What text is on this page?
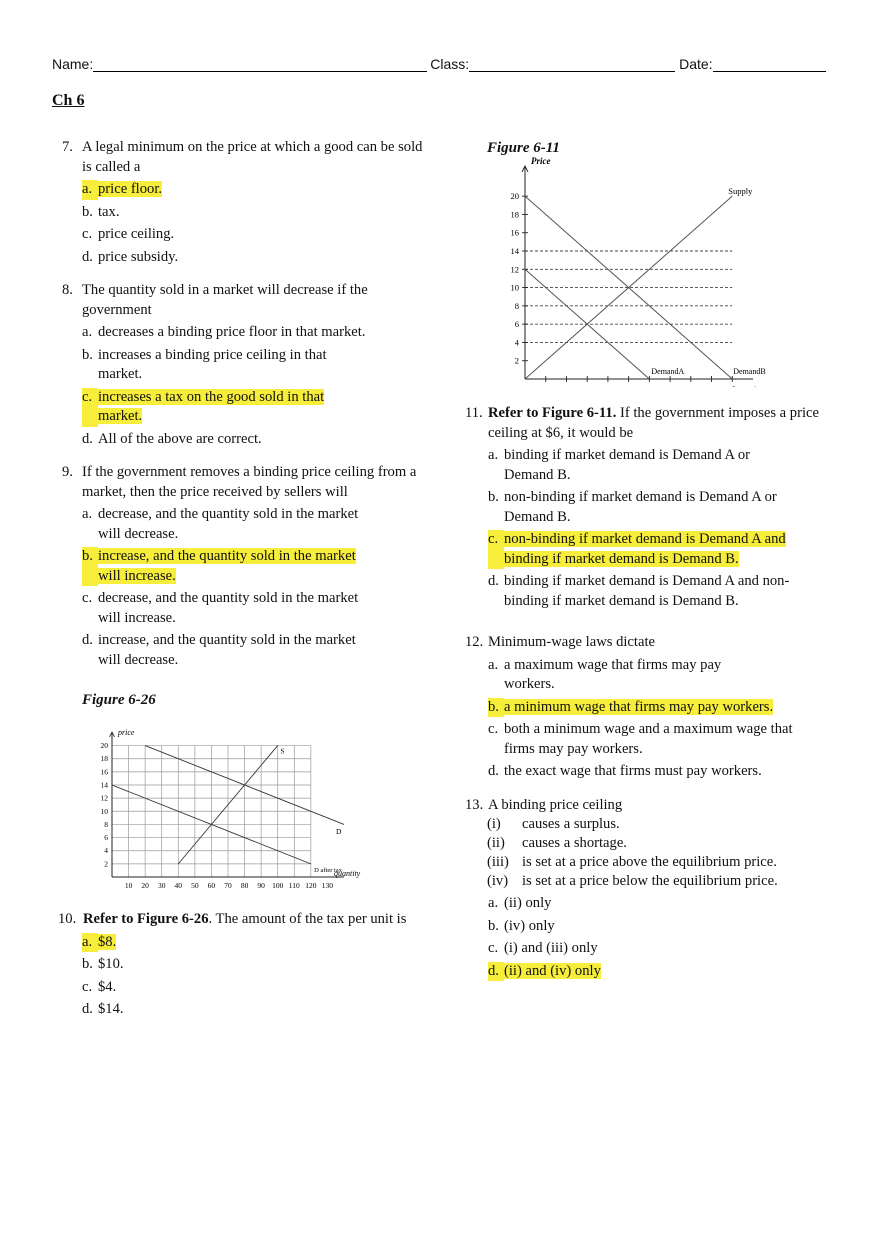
Name:	Class:	Date:
Ch 6
7. A legal minimum on the price at which a good can be sold is called a
a. price floor.
b. tax.
c. price ceiling.
d. price subsidy.
8. The quantity sold in a market will decrease if the government
a. decreases a binding price floor in that market.
b. increases a binding price ceiling in that market.
c. increases a tax on the good sold in that market.
d. All of the above are correct.
9. If the government removes a binding price ceiling from a market, then the price received by sellers will
a. decrease, and the quantity sold in the market will decrease.
b. increase, and the quantity sold in the market will increase.
c. decrease, and the quantity sold in the market will increase.
d. increase, and the quantity sold in the market will decrease.
Figure 6-26
price
quantity
10 20 30 40 50 60 70 80 90 100 110 120 130
2
4
6
8
10
12
14
16
18
20
S
D
D after tax
10. Refer to Figure 6-26. The amount of the tax per unit is
a. $8.
b. $10.
c. $4.
d. $14.
Figure 6-11
Price
2
4
6
8
10
12
14
16
18
20	Supply
DemandA	DemandB
11. Refer to Figure 6-11. If the government imposes a price ceiling at $6, it would be
a. binding if market demand is Demand A or Demand B.
b. non-binding if market demand is Demand A or Demand B.
c. non-binding if market demand is Demand A and binding if market demand is Demand B.
d. binding if market demand is Demand A and non-binding if market demand is Demand B.
12. Minimum-wage laws dictate
a. a maximum wage that firms may pay workers.
b. a minimum wage that firms may pay workers.
c. both a minimum wage and a maximum wage that firms may pay workers.
d. the exact wage that firms must pay workers.
13. A binding price ceiling
(i)	causes a surplus.
(ii)	causes a shortage.
(iii) is set at a price above the equilibrium price.
(iv) is set at a price below the equilibrium price.
a. (ii) only
b. (iv) only
c. (i) and (iii) only
d. (ii) and (iv) only
